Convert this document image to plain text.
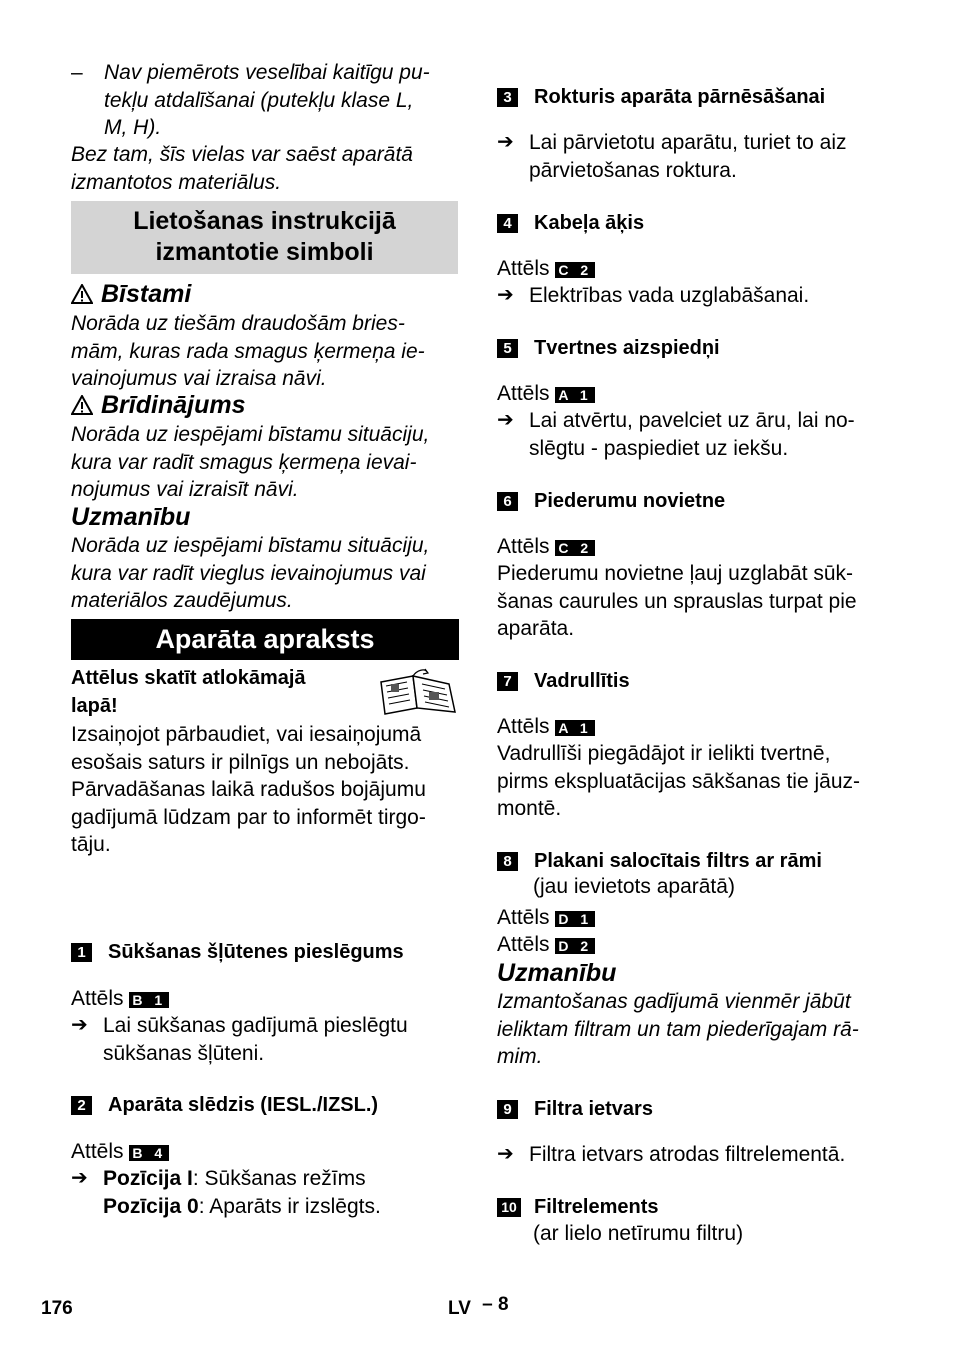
– Nav piemērots veselībai kaitīgu pu-
tekļu atdalīšanai (putekļu klase L,
M, H).
Bez tam, šīs vielas var saēst aparātā
izmantotos materiālus.
Lietošanas instrukcijā
izmantotie simboli
Bīstami
Norāda uz tiešām draudošām bries-
mām, kuras rada smagus ķermeņa ie-
vainojumus vai izraisa nāvi.
Brīdinājums
Norāda uz iespējami bīstamu situāciju,
kura var radīt smagus ķermeņa ievai-
nojumus vai izraisīt nāvi.
Uzmanību
Norāda uz iespējami bīstamu situāciju,
kura var radīt vieglus ievainojumus vai
materiālos zaudējumus.
Aparāta apraksts
Attēlus skatīt atlokāmajā
lapā!
Izsaiņojot pārbaudiet, vai iesaiņojumā
esošais saturs ir pilnīgs un nebojāts.
Pārvadāšanas laikā radušos bojājumu
gadījumā lūdzam par to informēt tirgo-
tāju.
1	Sūkšanas šļūtenes pieslēgums
Attēls B 1
➔ Lai sūkšanas gadījumā pieslēgtu
sūkšanas šļūteni.
2	Aparāta slēdzis (IESL./IZSL.)
Attēls B 4
➔ Pozīcija I: Sūkšanas režīms
Pozīcija 0: Aparāts ir izslēgts.
3	Rokturis aparāta pārnēsāšanai
➔ Lai pārvietotu aparātu, turiet to aiz
pārvietošanas roktura.
4	Kabeļa āķis
Attēls C 2
➔ Elektrības vada uzglabāšanai.
5	Tvertnes aizspiedņi
Attēls A 1
➔ Lai atvērtu, pavelciet uz āru, lai no-
slēgtu - paspiediet uz iekšu.
6	Piederumu novietne
Attēls C 2
Piederumu novietne ļauj uzglabāt sūk-
šanas caurules un sprauslas turpat pie
aparāta.
7	Vadrullītis
Attēls A 1
Vadrullīši piegādājot ir ielikti tvertnē,
pirms ekspluatācijas sākšanas tie jāuz-
montē.
8	Plakani salocītais filtrs ar rāmi
(jau ievietots aparātā)
Attēls D 1
Attēls D 2
Uzmanību
Izmantošanas gadījumā vienmēr jābūt
ieliktam filtram un tam piederīgajam rā-
mim.
9	Filtra ietvars
➔ Filtra ietvars atrodas filtrelementā.
10 Filtrelements
(ar lielo netīrumu filtru)
176	LV – 8
